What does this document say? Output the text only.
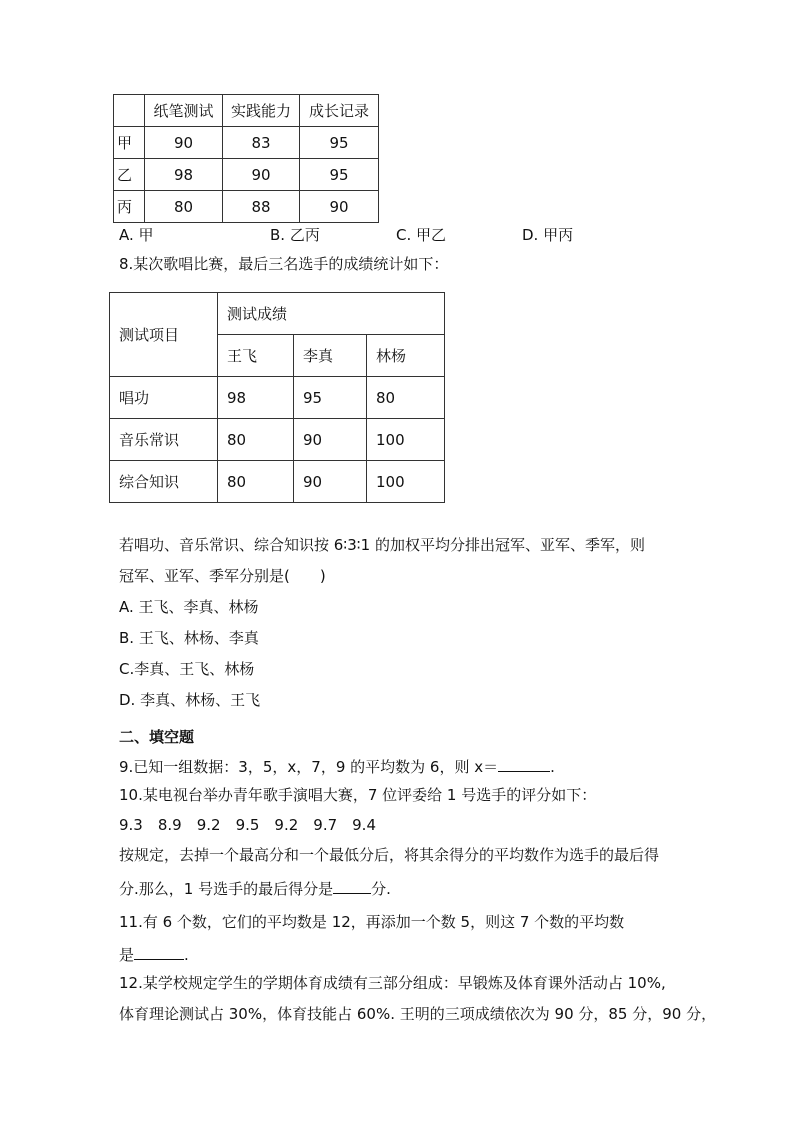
	纸笔测试	实践能力	成长记录
甲	90	83	95
乙	98	90	95
丙	80	88	90
A. 甲	B. 乙丙	C. 甲乙	D. 甲丙
8.某次歌唱比赛，最后三名选手的成绩统计如下：
测试项目	测试成绩		
	王飞	李真	林杨
唱功	98	95	80
音乐常识	80	90	100
综合知识	80	90	100
若唱功、音乐常识、综合知识按 6∶3∶1 的加权平均分排出冠军、亚军、季军，则
冠军、亚军、季军分别是(　　)
A. 王飞、李真、林杨
B. 王飞、林杨、李真
C.李真、王飞、林杨
D. 李真、林杨、王飞
二、填空题
9.已知一组数据：3，5，x，7，9 的平均数为 6，则 x＝	.
10.某电视台举办青年歌手演唱大赛，7 位评委给 1 号选手的评分如下：
9.3　8.9　9.2　9.5　9.2　9.7　9.4
按规定，去掉一个最高分和一个最低分后，将其余得分的平均数作为选手的最后得
分.那么，1 号选手的最后得分是	分.
11.有 6 个数，它们的平均数是 12，再添加一个数 5，则这 7 个数的平均数
是	.
12.某学校规定学生的学期体育成绩有三部分组成：早锻炼及体育课外活动占 10%,
体育理论测试占 30%，体育技能占 60%. 王明的三项成绩依次为 90 分，85 分，90 分，
